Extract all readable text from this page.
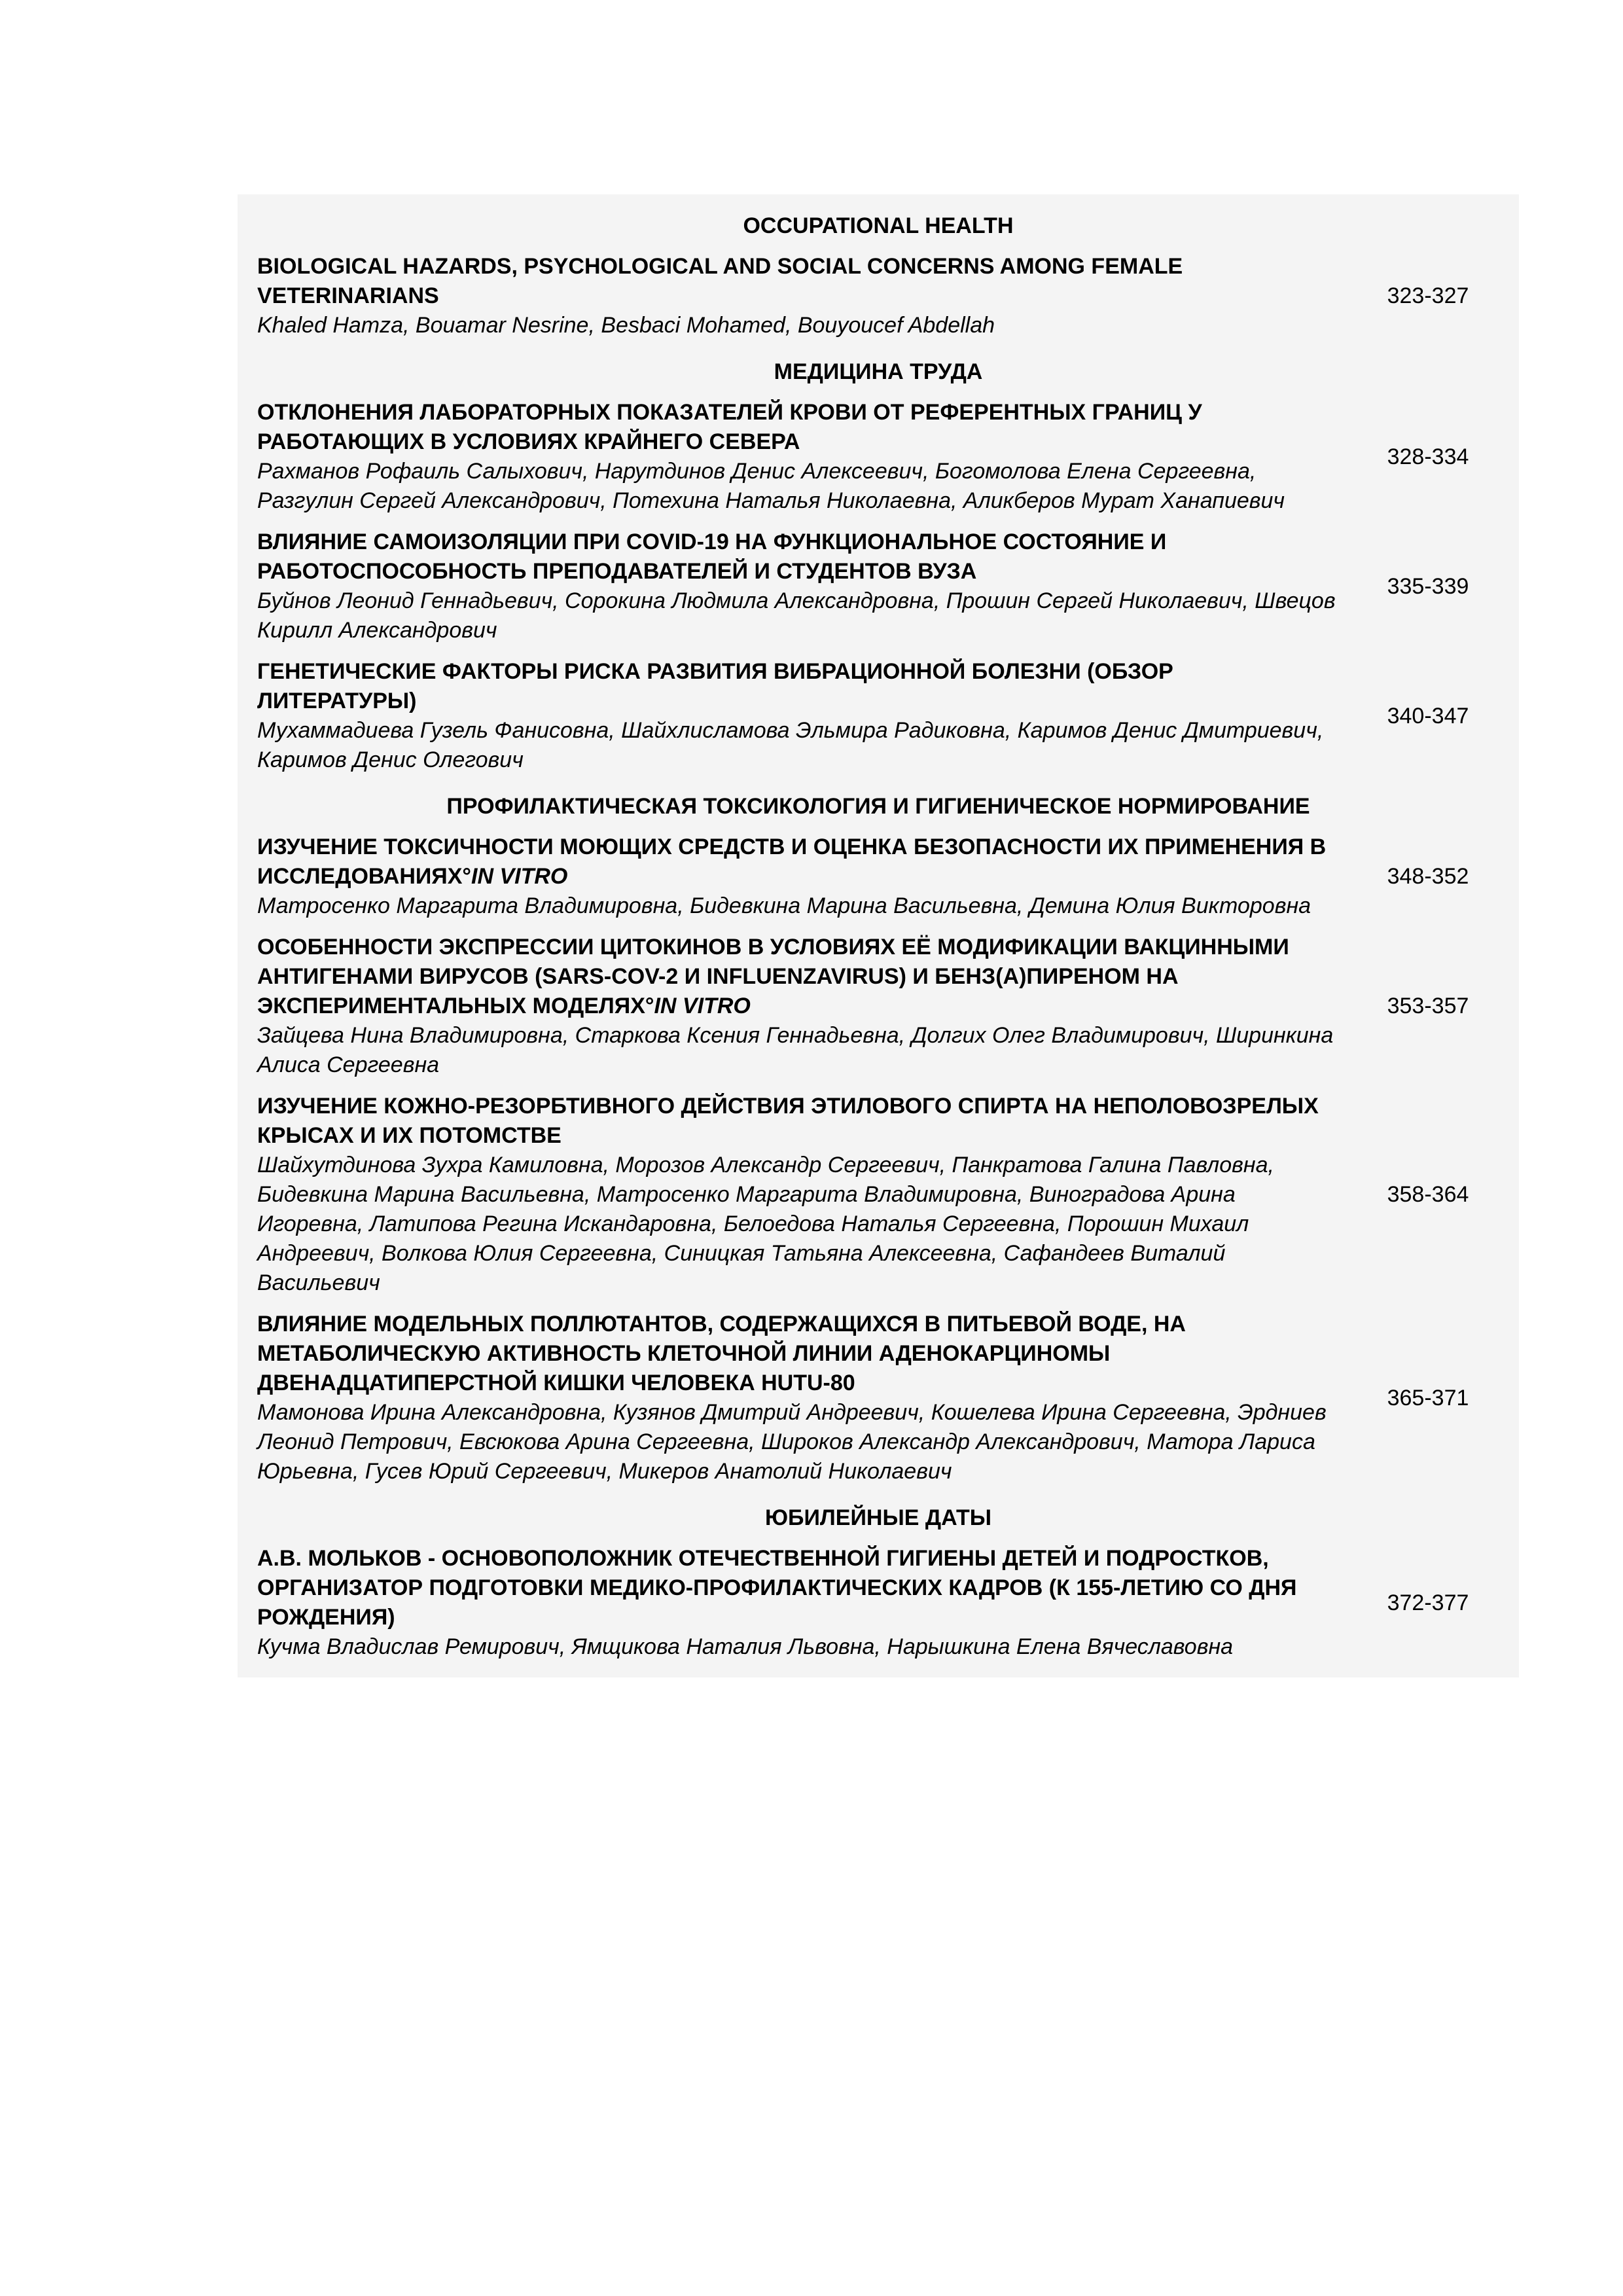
OCCUPATIONAL HEALTH
BIOLOGICAL HAZARDS, PSYCHOLOGICAL AND SOCIAL CONCERNS AMONG FEMALE VETERINARIANS
Khaled Hamza, Bouamar Nesrine, Besbaci Mohamed, Bouyoucef Abdellah
323-327
МЕДИЦИНА ТРУДА
ОТКЛОНЕНИЯ ЛАБОРАТОРНЫХ ПОКАЗАТЕЛЕЙ КРОВИ ОТ РЕФЕРЕНТНЫХ ГРАНИЦ У РАБОТАЮЩИХ В УСЛОВИЯХ КРАЙНЕГО СЕВЕРА
Рахманов Рофаиль Салыхович, Нарутдинов Денис Алексеевич, Богомолова Елена Сергеевна, Разгулин Сергей Александрович, Потехина Наталья Николаевна, Аликберов Мурат Ханапиевич
328-334
ВЛИЯНИЕ САМОИЗОЛЯЦИИ ПРИ COVID-19 НА ФУНКЦИОНАЛЬНОЕ СОСТОЯНИЕ И РАБОТОСПОСОБНОСТЬ ПРЕПОДАВАТЕЛЕЙ И СТУДЕНТОВ ВУЗА
Буйнов Леонид Геннадьевич, Сорокина Людмила Александровна, Прошин Сергей Николаевич, Швецов Кирилл Александрович
335-339
ГЕНЕТИЧЕСКИЕ ФАКТОРЫ РИСКА РАЗВИТИЯ ВИБРАЦИОННОЙ БОЛЕЗНИ (ОБЗОР ЛИТЕРАТУРЫ)
Мухаммадиева Гузель Фанисовна, Шайхлисламова Эльмира Радиковна, Каримов Денис Дмитриевич, Каримов Денис Олегович
340-347
ПРОФИЛАКТИЧЕСКАЯ ТОКСИКОЛОГИЯ И ГИГИЕНИЧЕСКОЕ НОРМИРОВАНИЕ
ИЗУЧЕНИЕ ТОКСИЧНОСТИ МОЮЩИХ СРЕДСТВ И ОЦЕНКА БЕЗОПАСНОСТИ ИХ ПРИМЕНЕНИЯ В ИССЛЕДОВАНИЯХ°IN VITRO
Матросенко Маргарита Владимировна, Бидевкина Марина Васильевна, Демина Юлия Викторовна
348-352
ОСОБЕННОСТИ ЭКСПРЕССИИ ЦИТОКИНОВ В УСЛОВИЯХ ЕЁ МОДИФИКАЦИИ ВАКЦИННЫМИ АНТИГЕНАМИ ВИРУСОВ (SARS-COV-2 И INFLUENZAVIRUS) И БЕНЗ(А)ПИРЕНОМ НА ЭКСПЕРИМЕНТАЛЬНЫХ МОДЕЛЯХ°IN VITRO
Зайцева Нина Владимировна, Старкова Ксения Геннадьевна, Долгих Олег Владимирович, Ширинкина Алиса Сергеевна
353-357
ИЗУЧЕНИЕ КОЖНО-РЕЗОРБТИВНОГО ДЕЙСТВИЯ ЭТИЛОВОГО СПИРТА НА НЕПОЛОВОЗРЕЛЫХ КРЫСАХ И ИХ ПОТОМСТВЕ
Шайхутдинова Зухра Камиловна, Морозов Александр Сергеевич, Панкратова Галина Павловна, Бидевкина Марина Васильевна, Матросенко Маргарита Владимировна, Виноградова Арина Игоревна, Латипова Регина Искандаровна, Белоедова Наталья Сергеевна, Порошин Михаил Андреевич, Волкова Юлия Сергеевна, Синицкая Татьяна Алексеевна, Сафандеев Виталий Васильевич
358-364
ВЛИЯНИЕ МОДЕЛЬНЫХ ПОЛЛЮТАНТОВ, СОДЕРЖАЩИХСЯ В ПИТЬЕВОЙ ВОДЕ, НА МЕТАБОЛИЧЕСКУЮ АКТИВНОСТЬ КЛЕТОЧНОЙ ЛИНИИ АДЕНОКАРЦИНОМЫ ДВЕНАДЦАТИПЕРСТНОЙ КИШКИ ЧЕЛОВЕКА HUTU-80
Мамонова Ирина Александровна, Кузянов Дмитрий Андреевич, Кошелева Ирина Сергеевна, Эрдниев Леонид Петрович, Евсюкова Арина Сергеевна, Широков Александр Александрович, Матора Лариса Юрьевна, Гусев Юрий Сергеевич, Микеров Анатолий Николаевич
365-371
ЮБИЛЕЙНЫЕ ДАТЫ
А.В. МОЛЬКОВ - ОСНОВОПОЛОЖНИК ОТЕЧЕСТВЕННОЙ ГИГИЕНЫ ДЕТЕЙ И ПОДРОСТКОВ, ОРГАНИЗАТОР ПОДГОТОВКИ МЕДИКО-ПРОФИЛАКТИЧЕСКИХ КАДРОВ (К 155-ЛЕТИЮ СО ДНЯ РОЖДЕНИЯ)
Кучма Владислав Ремирович, Ямщикова Наталия Львовна, Нарышкина Елена Вячеславовна
372-377
